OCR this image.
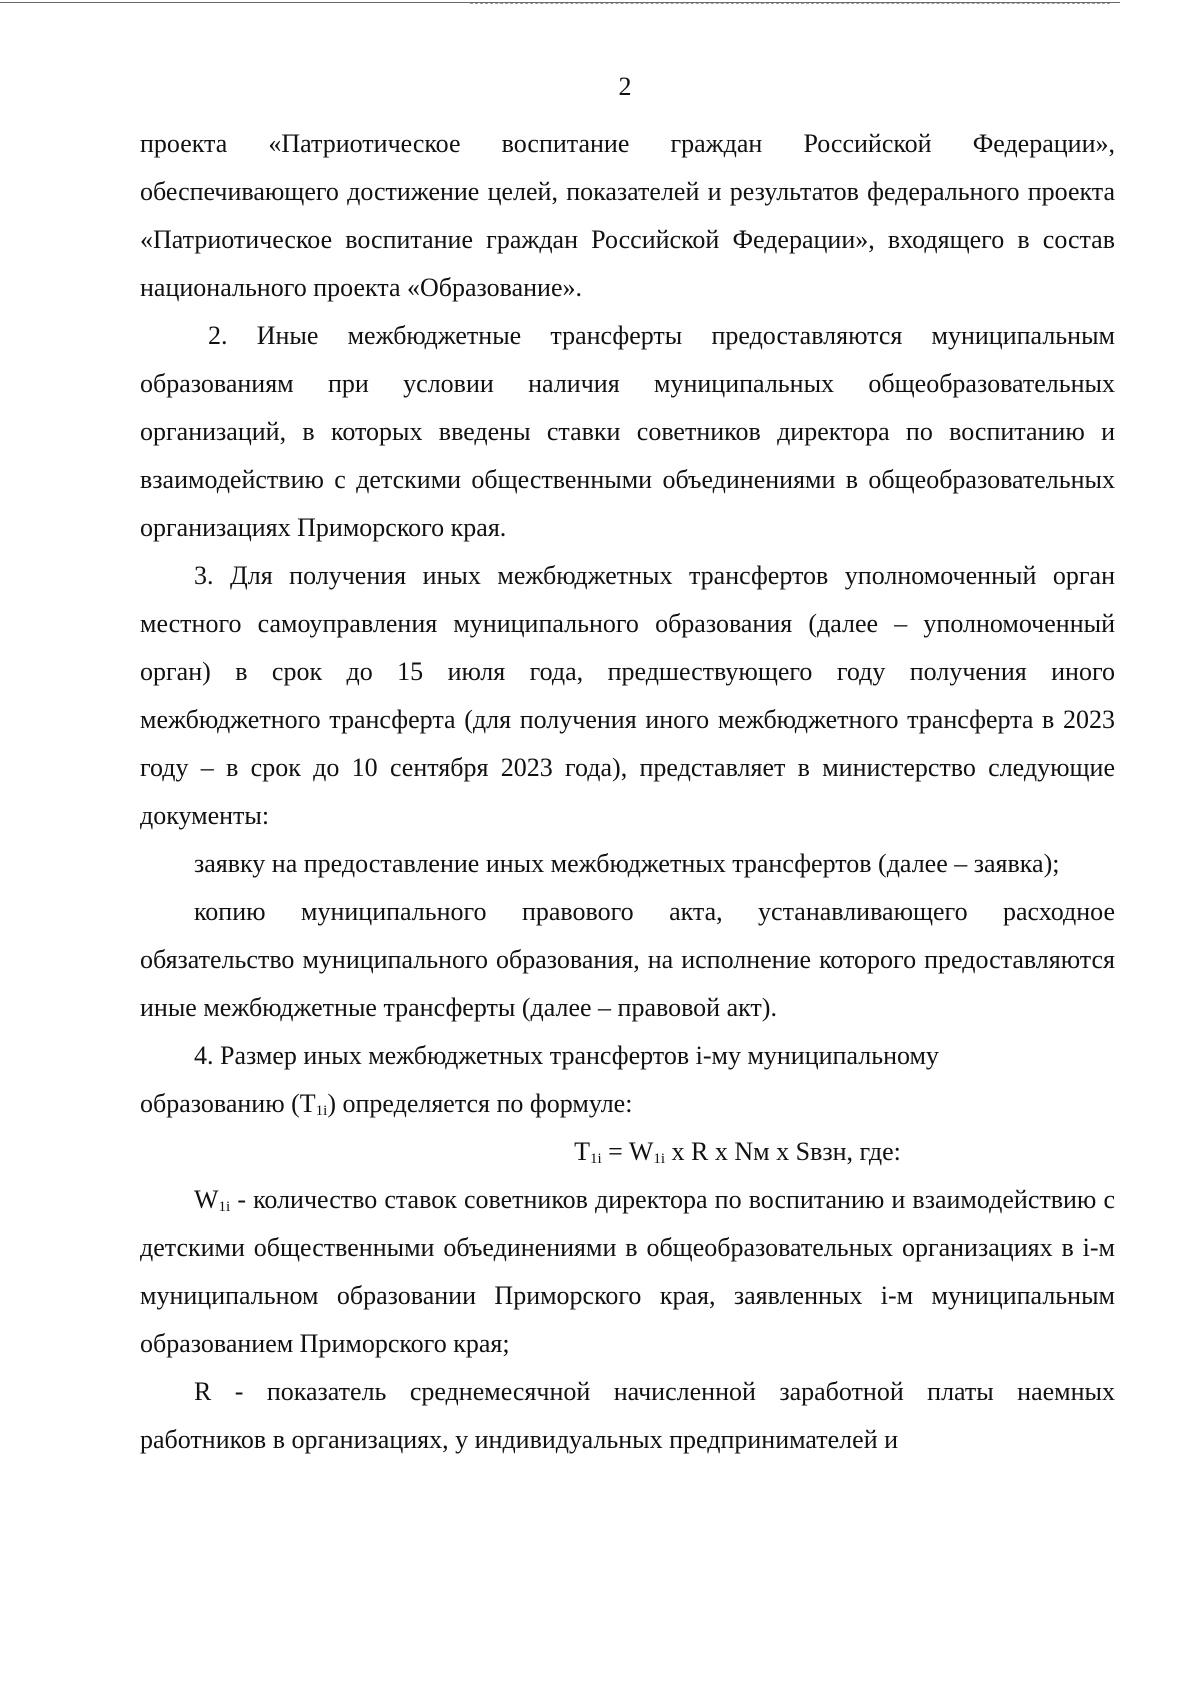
2

проекта «Патриотическое воспитание граждан Российской Федерации», обеспечивающего достижение целей, показателей и результатов федерального проекта «Патриотическое воспитание граждан Российской Федерации», входящего в состав национального проекта «Образование».

2. Иные межбюджетные трансферты предоставляются муниципальным образованиям при условии наличия муниципальных общеобразовательных организаций, в которых введены ставки советников директора по воспитанию и взаимодействию с детскими общественными объединениями в общеобразовательных организациях Приморского края.

3. Для получения иных межбюджетных трансфертов уполномоченный орган местного самоуправления муниципального образования (далее – уполномоченный орган) в срок до 15 июля года, предшествующего году получения иного межбюджетного трансферта (для получения иного межбюджетного трансферта в 2023 году – в срок до 10 сентября 2023 года), представляет в министерство следующие документы:

заявку на предоставление иных межбюджетных трансфертов (далее – заявка);

копию муниципального правового акта, устанавливающего расходное обязательство муниципального образования, на исполнение которого предоставляются иные межбюджетные трансферты (далее – правовой акт).

4. Размер иных межбюджетных трансфертов i-му муниципальному

образованию $(Т_{1i})$ определяется по формуле:

$Т_{1i} = W_{1i}$ x R x Nм x Sвзн, где:

$W_{1i}$ - количество ставок советников директора по воспитанию и взаимодействию с детскими общественными объединениями в общеобразовательных организациях в i-м муниципальном образовании Приморского края, заявленных i-м муниципальным образованием Приморского края;

R - показатель среднемесячной начисленной заработной платы наемных работников в организациях, у индивидуальных предпринимателей и
